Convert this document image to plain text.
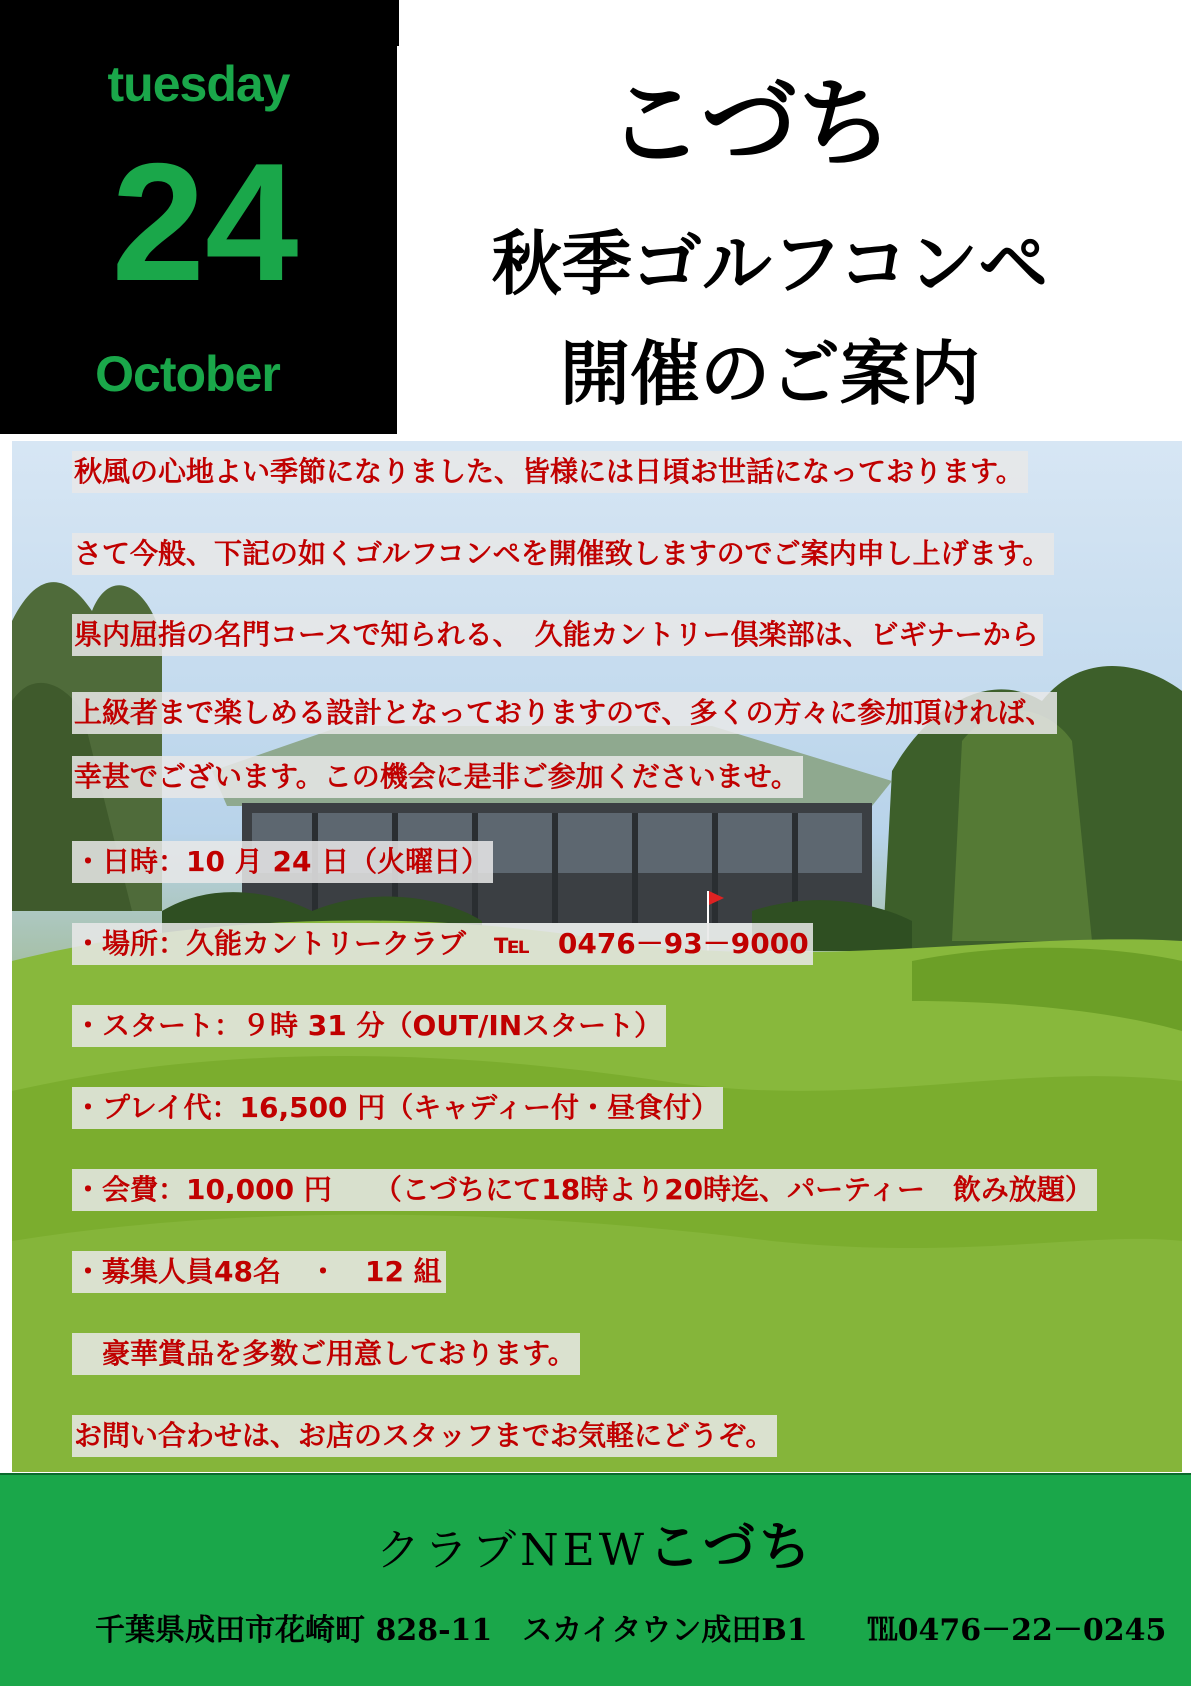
tuesday
24
October
こづち
秋季ゴルフコンペ
開催のご案内
秋風の心地よい季節になりました、皆様には日頃お世話になっております。
さて今般、下記の如くゴルフコンペを開催致しますのでご案内申し上げます。
県内屈指の名門コースで知られる、　久能カントリー倶楽部は、ビギナーから
上級者まで楽しめる設計となっておりますので、多くの方々に参加頂ければ、
幸甚でございます。この機会に是非ご参加くださいませ。
・日時：10 月 24 日（火曜日）
・場所：久能カントリークラブ　℡　0476－93－9000
・スタート：９時 31 分（OUT/INスタート）
・プレイ代：16,500 円（キャディー付・昼食付）
・会費：10,000 円　　（こづちにて18時より20時迄、パーティー　飲み放題）
・募集人員48名　・　12 組
　豪華賞品を多数ご用意しております。
お問い合わせは、お店のスタッフまでお気軽にどうぞ。
クラブNEWこづち
千葉県成田市花崎町 828-11　スカイタウン成田B1　　℡0476－22－0245
